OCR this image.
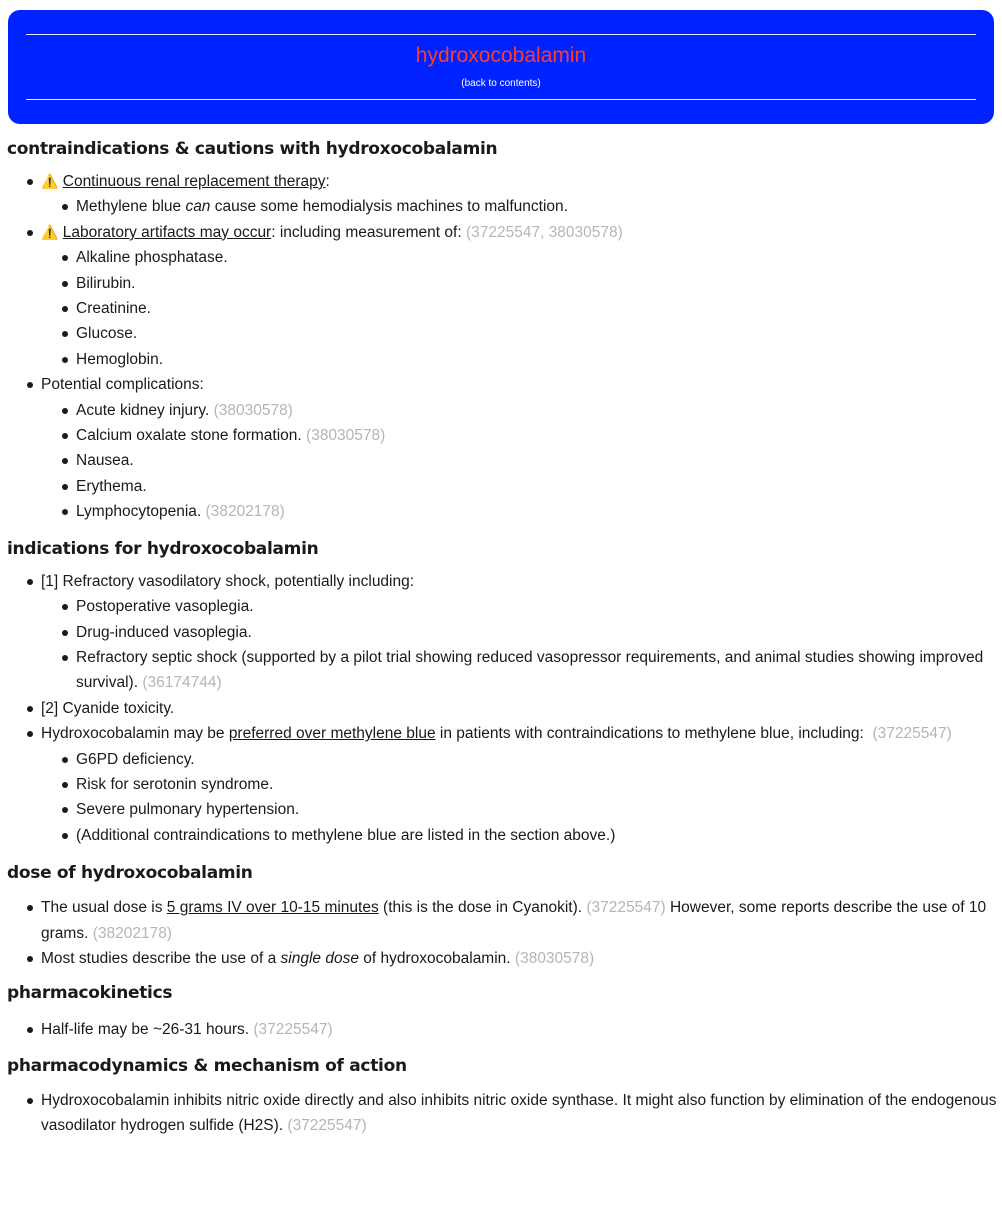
hydroxocobalamin
(back to contents)
contraindications & cautions with hydroxocobalamin
⚠️ Continuous renal replacement therapy:
Methylene blue can cause some hemodialysis machines to malfunction.
⚠️ Laboratory artifacts may occur: including measurement of: (37225547, 38030578)
Alkaline phosphatase.
Bilirubin.
Creatinine.
Glucose.
Hemoglobin.
Potential complications:
Acute kidney injury. (38030578)
Calcium oxalate stone formation. (38030578)
Nausea.
Erythema.
Lymphocytopenia. (38202178)
indications for hydroxocobalamin
[1] Refractory vasodilatory shock, potentially including:
Postoperative vasoplegia.
Drug-induced vasoplegia.
Refractory septic shock (supported by a pilot trial showing reduced vasopressor requirements, and animal studies showing improved survival). (36174744)
[2] Cyanide toxicity.
Hydroxocobalamin may be preferred over methylene blue in patients with contraindications to methylene blue, including:  (37225547)
G6PD deficiency.
Risk for serotonin syndrome.
Severe pulmonary hypertension.
(Additional contraindications to methylene blue are listed in the section above.)
dose of hydroxocobalamin
The usual dose is 5 grams IV over 10-15 minutes (this is the dose in Cyanokit). (37225547) However, some reports describe the use of 10 grams. (38202178)
Most studies describe the use of a single dose of hydroxocobalamin. (38030578)
pharmacokinetics
Half-life may be ~26-31 hours. (37225547)
pharmacodynamics & mechanism of action
Hydroxocobalamin inhibits nitric oxide directly and also inhibits nitric oxide synthase. It might also function by elimination of the endogenous vasodilator hydrogen sulfide (H2S). (37225547)
